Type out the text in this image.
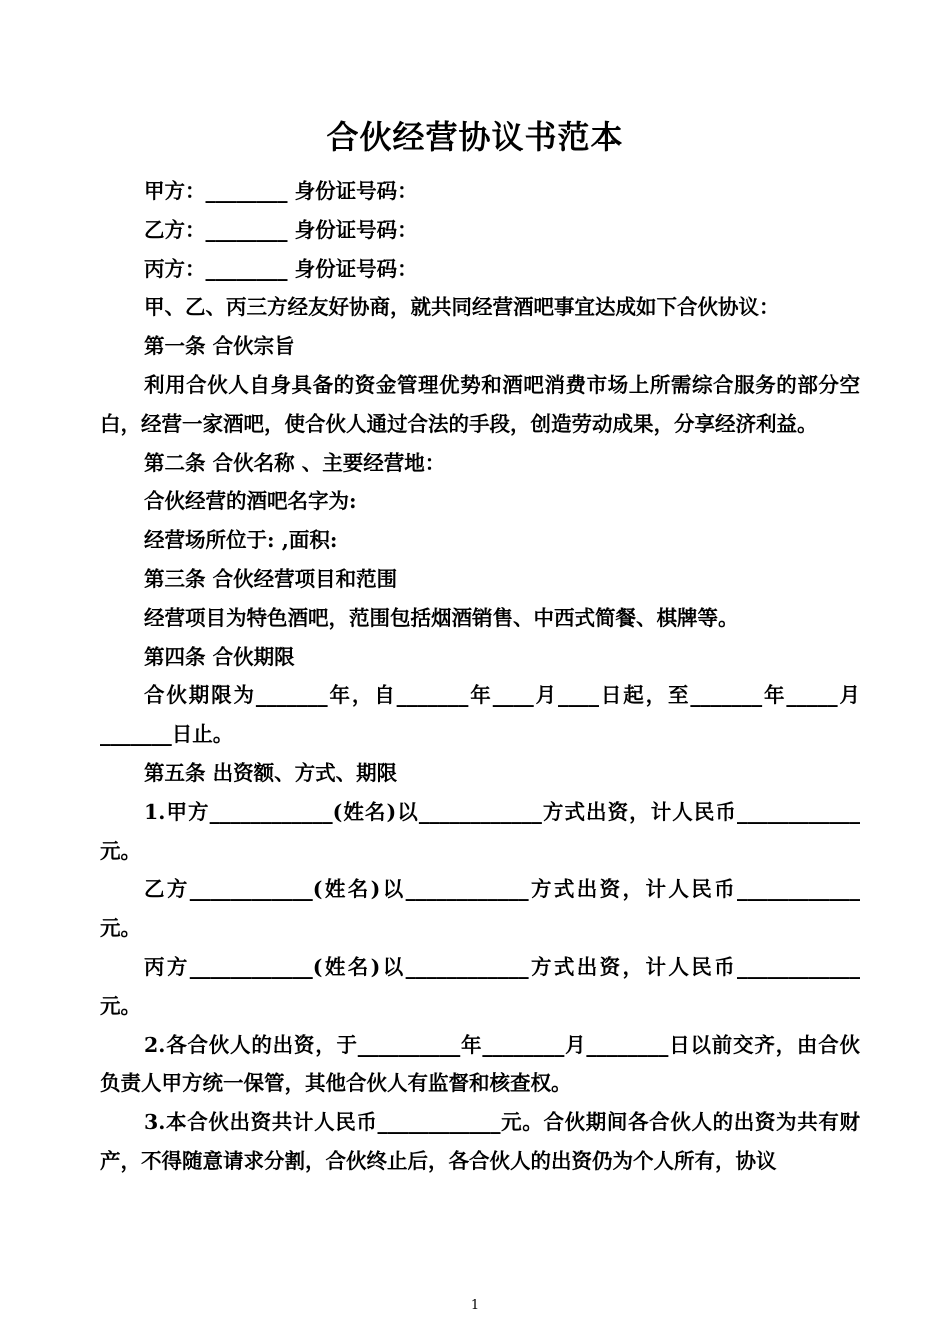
合伙经营协议书范本

甲方：________ 身份证号码：

乙方：________ 身份证号码：

丙方：________ 身份证号码：

甲、乙、丙三方经友好协商，就共同经营酒吧事宜达成如下合伙协议：

第一条 合伙宗旨

利用合伙人自身具备的资金管理优势和酒吧消费市场上所需综合服务的部分空白，经营一家酒吧，使合伙人通过合法的手段，创造劳动成果，分享经济利益。

第二条 合伙名称 、主要经营地：

合伙经营的酒吧名字为:

经营场所位于: ,面积:

第三条 合伙经营项目和范围

经营项目为特色酒吧，范围包括烟酒销售、中西式简餐、棋牌等。

第四条 合伙期限

合伙期限为_______年，自_______年____月____日起，至_______年_____月_______日止。

第五条 出资额、方式、期限

1.甲方____________(姓名)以____________方式出资，计人民币____________元。

乙方____________(姓名)以____________方式出资，计人民币____________元。

丙方____________(姓名)以____________方式出资，计人民币____________元。

2.各合伙人的出资，于__________年________月________日以前交齐，由合伙负责人甲方统一保管，其他合伙人有监督和核查权。

3.本合伙出资共计人民币____________元。合伙期间各合伙人的出资为共有财产，不得随意请求分割，合伙终止后，各合伙人的出资仍为个人所有，协议

1
